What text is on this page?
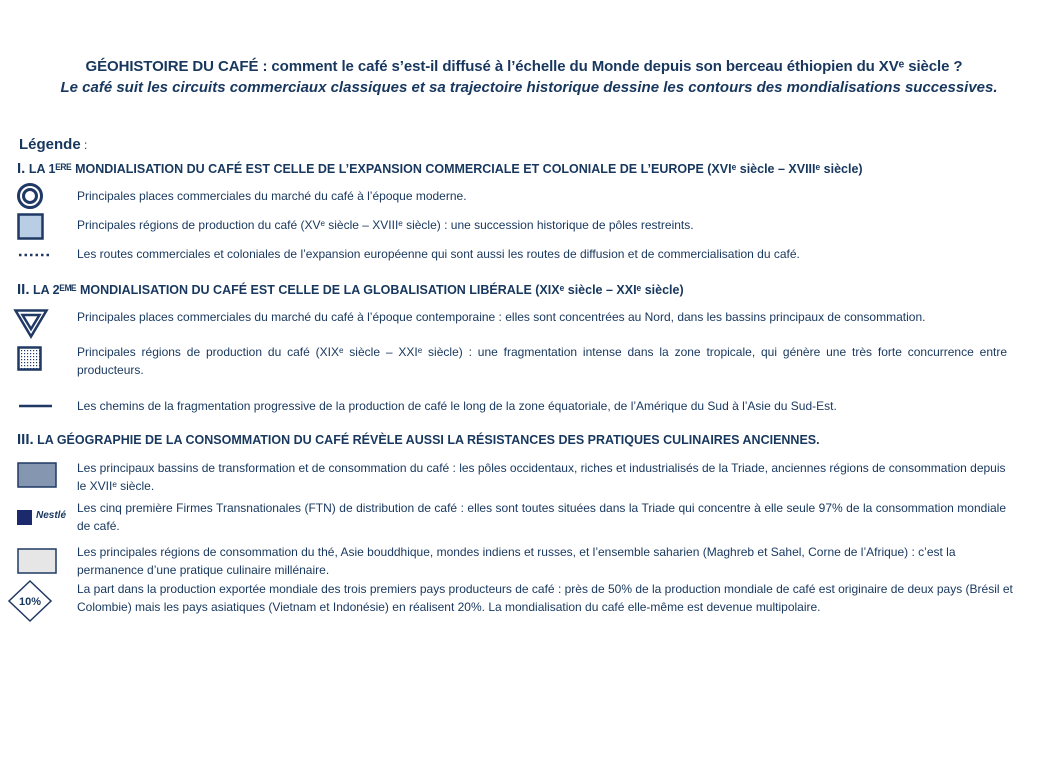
GÉOHISTOIRE DU CAFÉ : comment le café s’est-il diffusé à l’échelle du Monde depuis son berceau éthiopien du XVᵉ siècle ?
Le café suit les circuits commerciaux classiques et sa trajectoire historique dessine les contours des mondialisations successives.
Légende :
I. LA 1ᴱᴿᴱ MONDIALISATION DU CAFÉ EST CELLE DE L’EXPANSION COMMERCIALE ET COLONIALE DE L’EUROPE (XVIᵉ siècle – XVIIIᵉ siècle)
Principales places commerciales du marché du café à l’époque moderne.
Principales régions de production du café (XVᵉ siècle – XVIIIᵉ siècle) : une succession historique de pôles restreints.
Les routes commerciales et coloniales de l’expansion européenne qui sont aussi les routes de diffusion et de commercialisation du café.
II. LA 2ᴱᴹᴱ MONDIALISATION DU CAFÉ EST CELLE DE LA GLOBALISATION LIBÉRALE (XIXᵉ siècle – XXIᵉ siècle)
Principales places commerciales du marché du café à l’époque contemporaine : elles sont concentrées au Nord, dans les bassins principaux de consommation.
Principales régions de production du café (XIXᵉ siècle – XXIᵉ siècle) : une fragmentation intense dans la zone tropicale, qui génère une très forte concurrence entre producteurs.
Les chemins de la fragmentation progressive de la production de café le long de la zone équatoriale, de l’Amérique du Sud à l’Asie du Sud-Est.
III. LA GÉOGRAPHIE DE LA CONSOMMATION DU CAFÉ RÉVÈLE AUSSI LA RÉSISTANCES DES PRATIQUES CULINAIRES ANCIENNES.
Les principaux bassins de transformation et de consommation du café : les pôles occidentaux, riches et industrialisés de la Triade, anciennes régions de consommation depuis le XVIIᵉ siècle.
Nestlé
Les cinq première Firmes Transnationales (FTN) de distribution de café : elles sont toutes situées dans la Triade qui concentre à elle seule 97% de la consommation mondiale de café.
Les principales régions de consommation du thé, Asie bouddhique, mondes indiens et russes, et l’ensemble saharien (Maghreb et Sahel, Corne de l’Afrique) : c’est la permanence d’une pratique culinaire millénaire.
10%
La part dans la production exportée mondiale des trois premiers pays producteurs de café : près de 50% de la production mondiale de café est originaire de deux pays (Brésil et Colombie) mais les pays asiatiques (Vietnam et Indonésie) en réalisent 20%. La mondialisation du café elle-même est devenue multipolaire.
